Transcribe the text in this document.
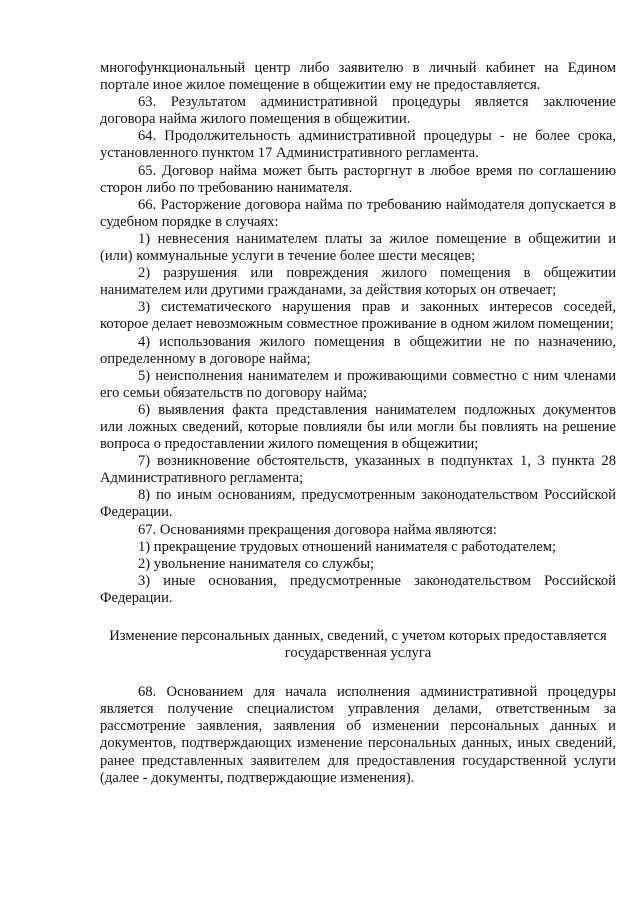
многофункциональный центр либо заявителю в личный кабинет на Едином портале иное жилое помещение в общежитии ему не предоставляется.

63. Результатом административной процедуры является заключение договора найма жилого помещения в общежитии.

64. Продолжительность административной процедуры - не более срока, установленного пунктом 17 Административного регламента.

65. Договор найма может быть расторгнут в любое время по соглашению сторон либо по требованию нанимателя.

66. Расторжение договора найма по требованию наймодателя допускается в судебном порядке в случаях:

1) невнесения нанимателем платы за жилое помещение в общежитии и (или) коммунальные услуги в течение более шести месяцев;

2) разрушения или повреждения жилого помещения в общежитии нанимателем или другими гражданами, за действия которых он отвечает;

3) систематического нарушения прав и законных интересов соседей, которое делает невозможным совместное проживание в одном жилом помещении;

4) использования жилого помещения в общежитии не по назначению, определенному в договоре найма;

5) неисполнения нанимателем и проживающими совместно с ним членами его семьи обязательств по договору найма;

6) выявления факта представления нанимателем подложных документов или ложных сведений, которые повлияли бы или могли бы повлиять на решение вопроса о предоставлении жилого помещения в общежитии;

7) возникновение обстоятельств, указанных в подпунктах 1, 3 пункта 28 Административного регламента;

8) по иным основаниям, предусмотренным законодательством Российской Федерации.

67. Основаниями прекращения договора найма являются:

1) прекращение трудовых отношений нанимателя с работодателем;

2) увольнение нанимателя со службы;

3) иные основания, предусмотренные законодательством Российской Федерации.

Изменение персональных данных, сведений, с учетом которых предоставляется
государственная услуга

68. Основанием для начала исполнения административной процедуры является получение специалистом управления делами, ответственным за рассмотрение заявления, заявления об изменении персональных данных и документов, подтверждающих изменение персональных данных, иных сведений, ранее представленных заявителем для предоставления государственной услуги (далее - документы, подтверждающие изменения).
